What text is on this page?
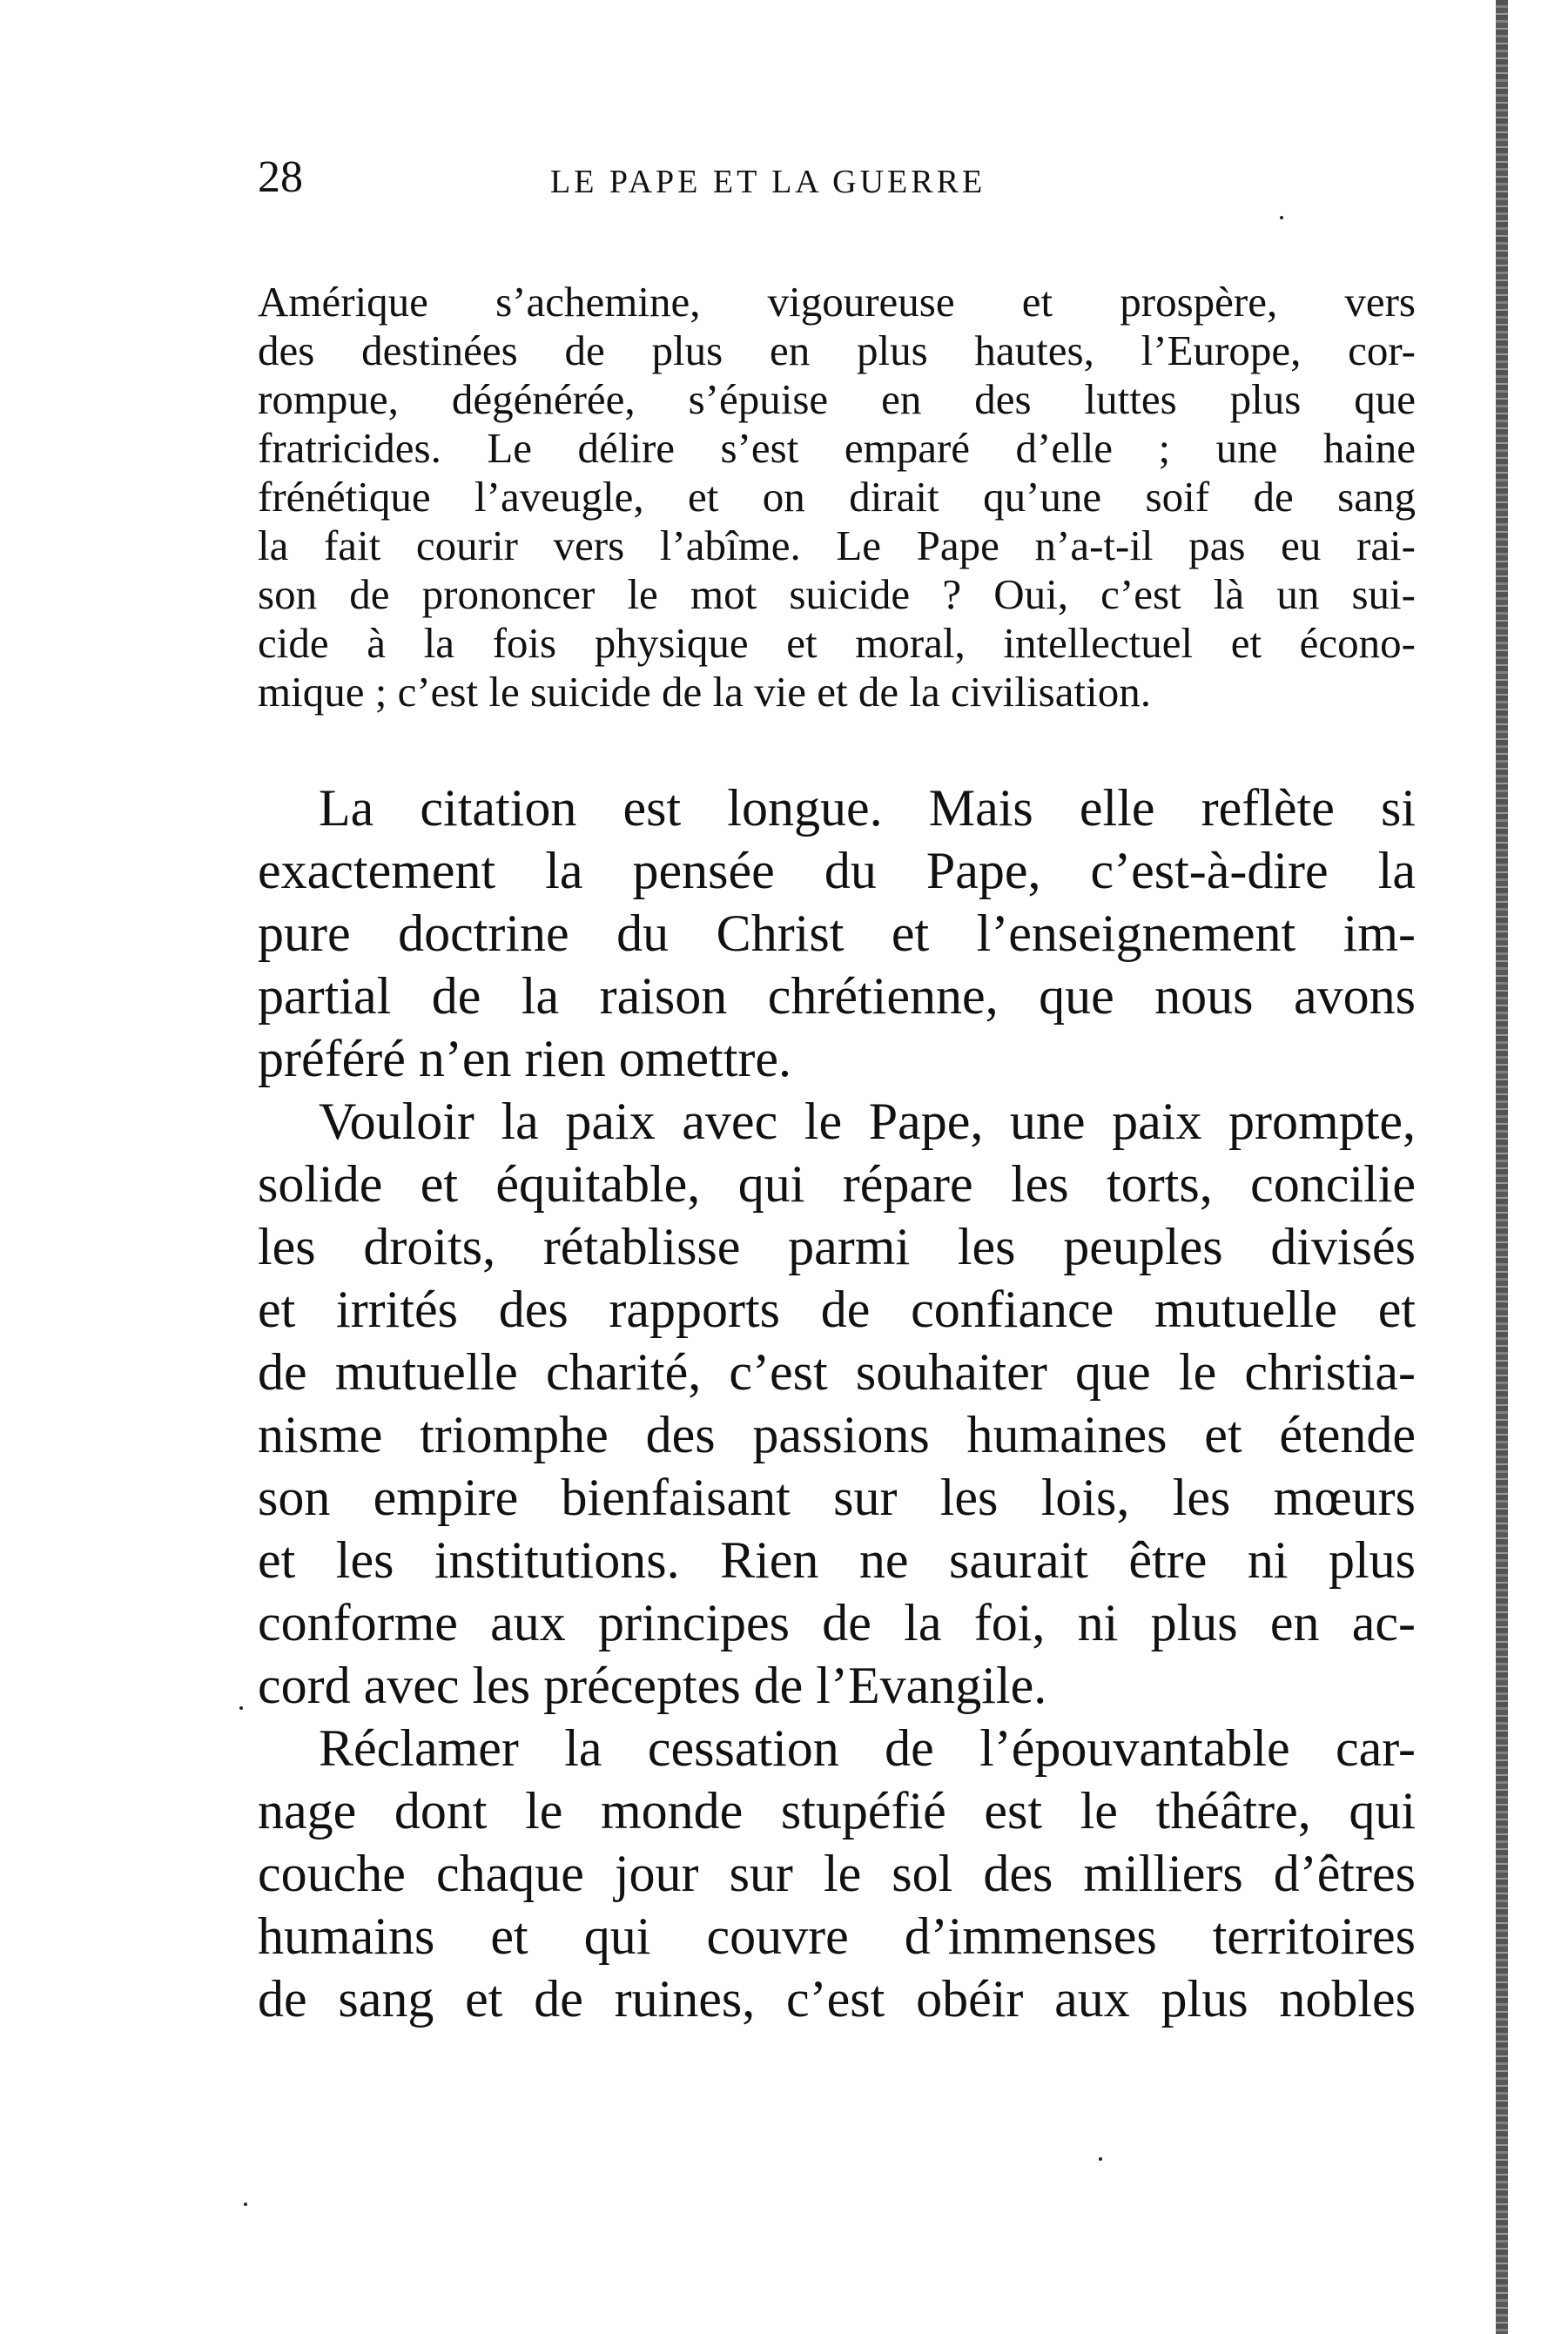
28	LE PAPE ET LA GUERRE
Amérique s’achemine, vigoureuse et prospère, vers
des destinées de plus en plus hautes, l’Europe, cor-
rompue, dégénérée, s’épuise en des luttes plus que
fratricides. Le délire s’est emparé d’elle ; une haine
frénétique l’aveugle, et on dirait qu’une soif de sang
la fait courir vers l’abîme. Le Pape n’a-t-il pas eu rai-
son de prononcer le mot suicide ? Oui, c’est là un sui-
cide à la fois physique et moral, intellectuel et écono-
mique ; c’est le suicide de la vie et de la civilisation.
La citation est longue. Mais elle reflète si
exactement la pensée du Pape, c’est-à-dire la
pure doctrine du Christ et l’enseignement im-
partial de la raison chrétienne, que nous avons
préféré n’en rien omettre.
Vouloir la paix avec le Pape, une paix prompte,
solide et équitable, qui répare les torts, concilie
les droits, rétablisse parmi les peuples divisés
et irrités des rapports de confiance mutuelle et
de mutuelle charité, c’est souhaiter que le christia-
nisme triomphe des passions humaines et étende
son empire bienfaisant sur les lois, les mœurs
et les institutions. Rien ne saurait être ni plus
conforme aux principes de la foi, ni plus en ac-
cord avec les préceptes de l’Evangile.
Réclamer la cessation de l’épouvantable car-
nage dont le monde stupéfié est le théâtre, qui
couche chaque jour sur le sol des milliers d’êtres
humains et qui couvre d’immenses territoires
de sang et de ruines, c’est obéir aux plus nobles
